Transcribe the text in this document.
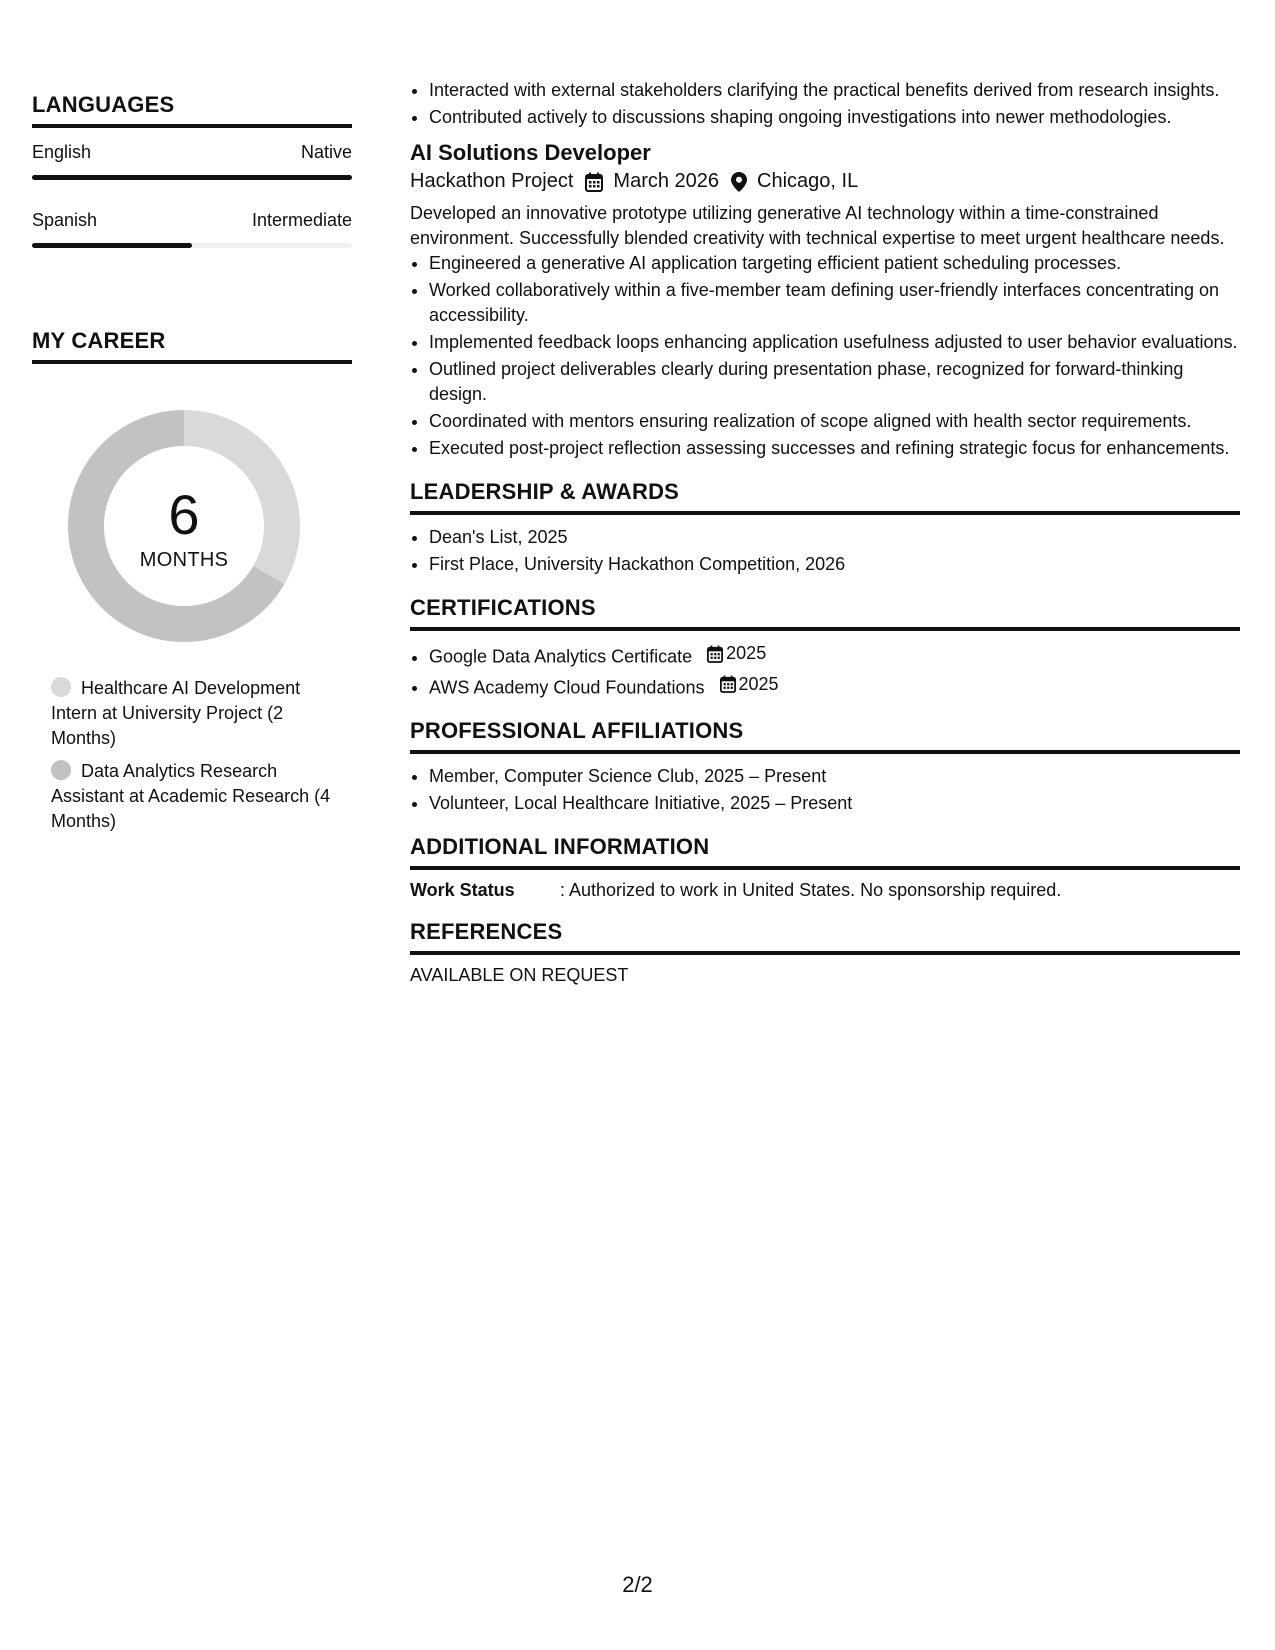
LANGUAGES
English	Native
Spanish	Intermediate
MY CAREER
6
MONTHS
Healthcare AI Development Intern at University Project (2 Months)
Data Analytics Research Assistant at Academic Research (4 Months)
• Interacted with external stakeholders clarifying the practical benefits derived from research insights.
• Contributed actively to discussions shaping ongoing investigations into newer methodologies.
AI Solutions Developer
Hackathon Project March 2026 Chicago, IL
Developed an innovative prototype utilizing generative AI technology within a time-constrained environment. Successfully blended creativity with technical expertise to meet urgent healthcare needs.
• Engineered a generative AI application targeting efficient patient scheduling processes.
• Worked collaboratively within a five-member team defining user-friendly interfaces concentrating on accessibility.
• Implemented feedback loops enhancing application usefulness adjusted to user behavior evaluations.
• Outlined project deliverables clearly during presentation phase, recognized for forward-thinking design.
• Coordinated with mentors ensuring realization of scope aligned with health sector requirements.
• Executed post-project reflection assessing successes and refining strategic focus for enhancements.
LEADERSHIP & AWARDS
• Dean's List, 2025
• First Place, University Hackathon Competition, 2026
CERTIFICATIONS
• Google Data Analytics Certificate 2025
• AWS Academy Cloud Foundations 2025
PROFESSIONAL AFFILIATIONS
• Member, Computer Science Club, 2025 – Present
• Volunteer, Local Healthcare Initiative, 2025 – Present
ADDITIONAL INFORMATION
Work Status	: Authorized to work in United States. No sponsorship required.
REFERENCES
AVAILABLE ON REQUEST
2/2
